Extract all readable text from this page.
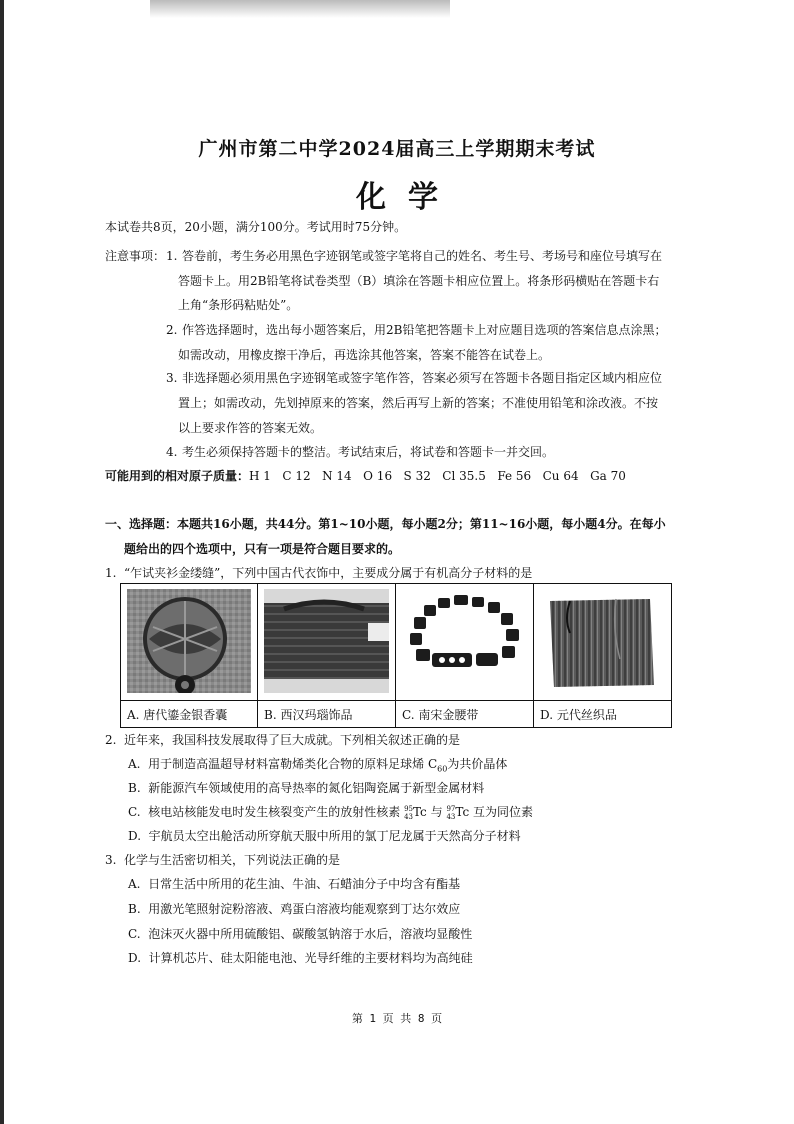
广州市第二中学2024届高三上学期期末考试
化学
本试卷共8页，20小题，满分100分。考试用时75分钟。
注意事项： 1. 答卷前，考生务必用黑色字迹钢笔或签字笔将自己的姓名、考生号、考场号和座位号填写在
答题卡上。用2B铅笔将试卷类型（B）填涂在答题卡相应位置上。将条形码横贴在答题卡右
上角“条形码粘贴处”。
2. 作答选择题时，选出每小题答案后，用2B铅笔把答题卡上对应题目选项的答案信息点涂黑；
如需改动，用橡皮擦干净后，再选涂其他答案，答案不能答在试卷上。
3. 非选择题必须用黑色字迹钢笔或签字笔作答，答案必须写在答题卡各题目指定区域内相应位
置上；如需改动，先划掉原来的答案，然后再写上新的答案；不准使用铅笔和涂改液。不按
以上要求作答的答案无效。
4. 考生必须保持答题卡的整洁。考试结束后，将试卷和答题卡一并交回。
可能用到的相对原子质量：H 1 C 12 N 14 O 16 S 32 Cl 35.5 Fe 56 Cu 64 Ga 70
一、选择题：本题共16小题，共44分。第1~10小题，每小题2分；第11~16小题，每小题4分。在每小
题给出的四个选项中，只有一项是符合题目要求的。
1. “乍试夹衫金缕缝”，下列中国古代衣饰中，主要成分属于有机高分子材料的是
A. 唐代鎏金银香囊	B. 西汉玛瑙饰品	C. 南宋金腰带	D. 元代丝织品
2. 近年来，我国科技发展取得了巨大成就。下列相关叙述正确的是
A. 用于制造高温超导材料富勒烯类化合物的原料足球烯 $C_{60}$为共价晶体
B. 新能源汽车领域使用的高导热率的氮化铝陶瓷属于新型金属材料
C. 核电站核能发电时发生核裂变产生的放射性核素 95
43 Tc 与 97
43 Tc 互为同位素
D. 宇航员太空出舱活动所穿航天服中所用的氯丁尼龙属于天然高分子材料
3. 化学与生活密切相关，下列说法正确的是
A. 日常生活中所用的花生油、牛油、石蜡油分子中均含有酯基
B. 用激光笔照射淀粉溶液、鸡蛋白溶液均能观察到丁达尔效应
C. 泡沫灭火器中所用硫酸铝、碳酸氢钠溶于水后，溶液均显酸性
D. 计算机芯片、硅太阳能电池、光导纤维的主要材料均为高纯硅
第 1 页 共 8 页
